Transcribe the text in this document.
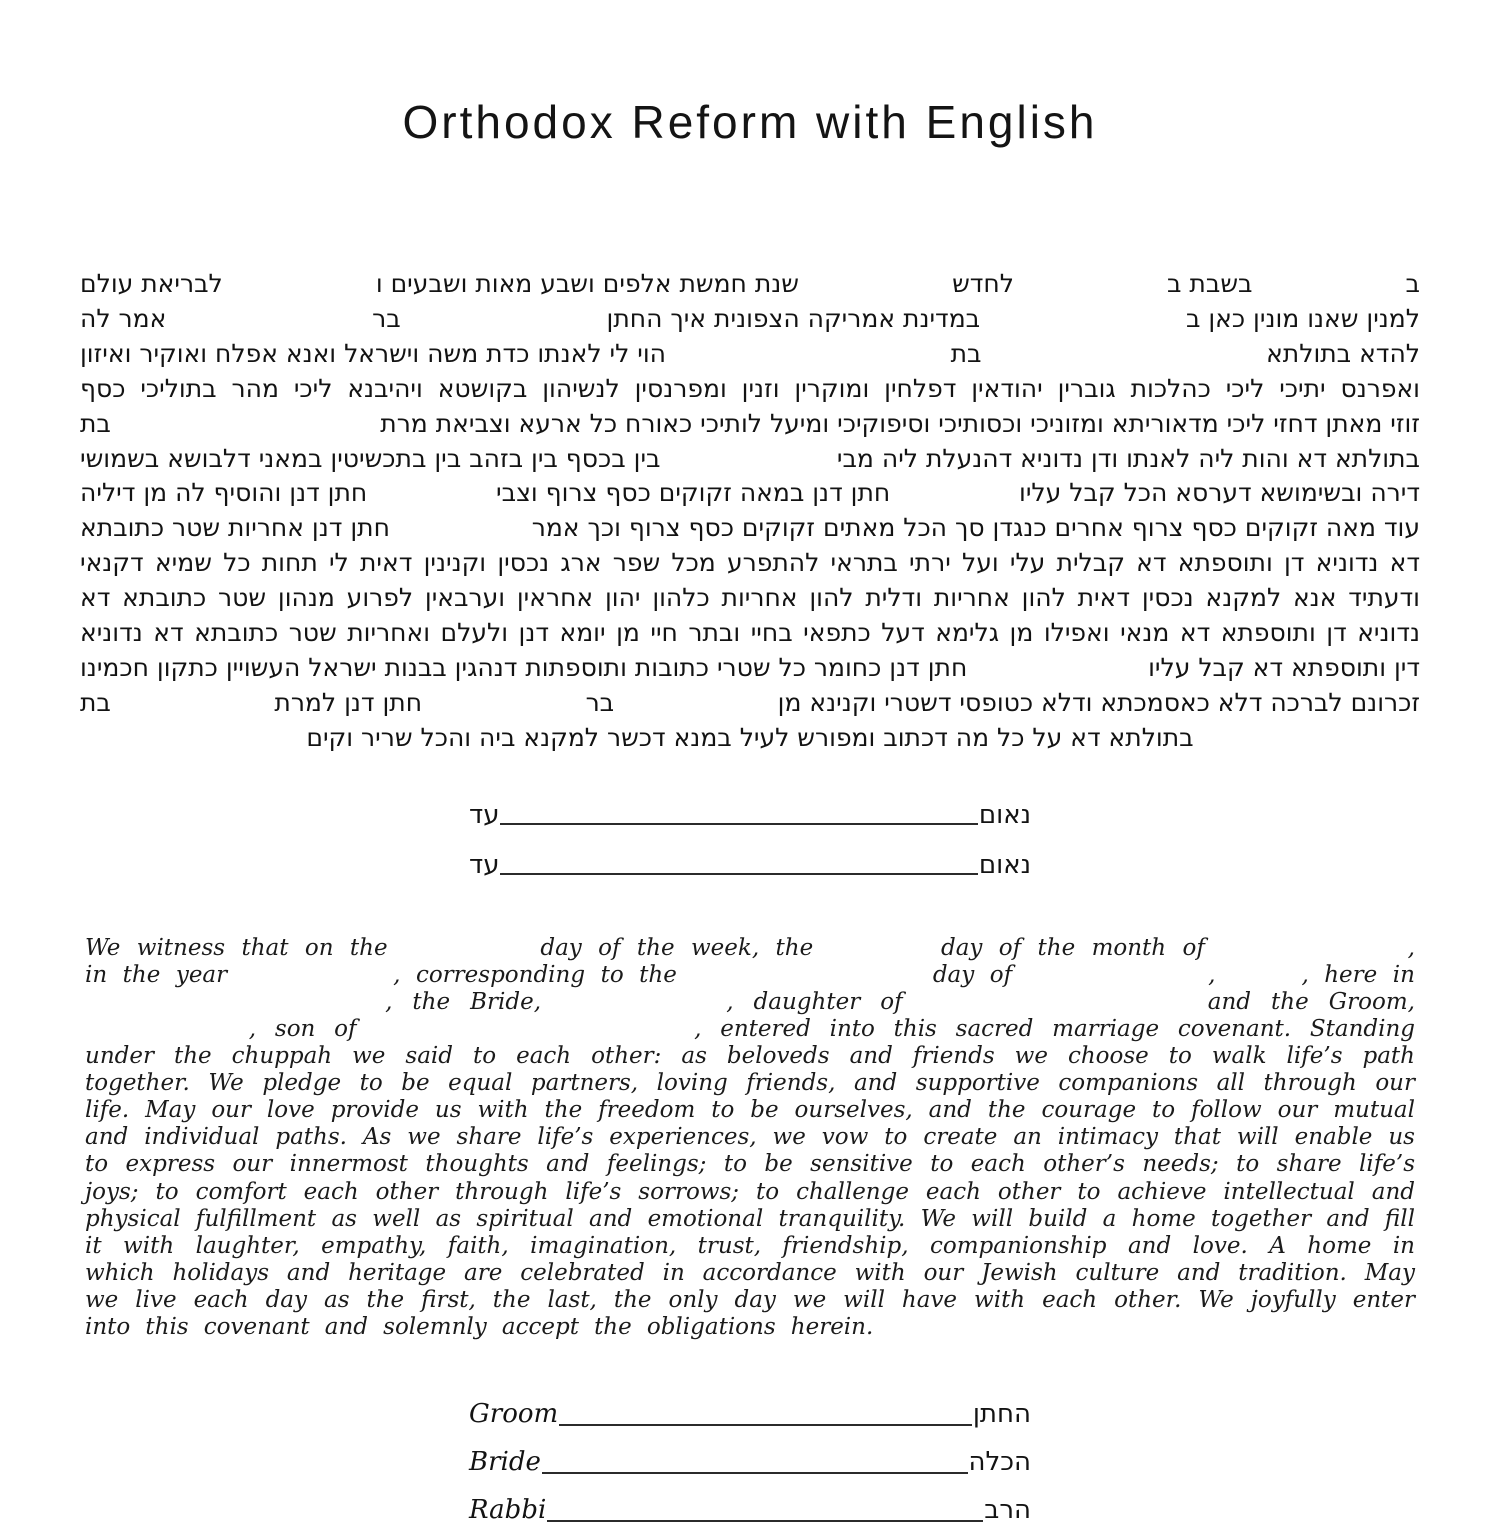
Orthodox Reform with English
ב
בשבת ב
לחדש
שנת חמשת אלפים ושבע מאות ושבעים ו
לבריאת עולם
למנין שאנו מונין כאן ב
במדינת אמריקה הצפונית איך החתן
בר
אמר לה
להדא בתולתא
בת
הוי לי לאנתו כדת משה וישראל ואנא אפלח ואוקיר ואיזון
ואפרנס יתיכי ליכי כהלכות גוברין יהודאין דפלחין ומוקרין וזנין ומפרנסין לנשיהון בקושטא ויהיבנא ליכי מהר בתוליכי כסף
זוזי מאתן דחזי ליכי מדאוריתא ומזוניכי וכסותיכי וסיפוקיכי ומיעל לותיכי כאורח כל ארעא וצביאת מרת
בת
בתולתא דא והות ליה לאנתו ודן נדוניא דהנעלת ליה מבי
בין בכסף בין בזהב בין בתכשיטין במאני דלבושא בשמושי
דירה ובשימושא דערסא הכל קבל עליו
חתן דנן במאה זקוקים כסף צרוף וצבי
חתן דנן והוסיף לה מן דיליה
עוד מאה זקוקים כסף צרוף אחרים כנגדן סך הכל מאתים זקוקים כסף צרוף וכך אמר
חתן דנן אחריות שטר כתובתא
דא נדוניא דן ותוספתא דא קבלית עלי ועל ירתי בתראי להתפרע מכל שפר ארג נכסין וקנינין דאית לי תחות כל שמיא דקנאי
ודעתיד אנא למקנא נכסין דאית להון אחריות ודלית להון אחריות כלהון יהון אחראין וערבאין לפרוע מנהון שטר כתובתא דא
נדוניא דן ותוספתא דא מנאי ואפילו מן גלימא דעל כתפאי בחיי ובתר חיי מן יומא דנן ולעלם ואחריות שטר כתובתא דא נדוניא
דין ותוספתא דא קבל עליו
חתן דנן כחומר כל שטרי כתובות ותוספתות דנהגין בבנות ישראל העשויין כתקון חכמינו
זכרונם לברכה דלא כאסמכתא ודלא כטופסי דשטרי וקנינא מן
בר
חתן דנן למרת
בת
בתולתא דא על כל מה דכתוב ומפורש לעיל במנא דכשר למקנא ביה והכל שריר וקים
נאום
עד
נאום
עד

We witness that on the	day of the week, the	day of the month of	, in the year	, corresponding to the	day of	,	, here in  , the Bride,	, daughter of	and the Groom,  , son of	, entered into this sacred marriage covenant. Standing under the chuppah we said to each other: as beloveds and friends we choose to walk life’s path together. We pledge to be equal partners, loving friends, and supportive companions all through our life. May our love provide us with the freedom to be ourselves, and the courage to follow our mutual and individual paths. As we share life’s experiences, we vow to create an intimacy that will enable us to express our innermost thoughts and feelings; to be sensitive to each other’s needs; to share life’s joys; to comfort each other through life’s sorrows; to challenge each other to achieve intellectual and physical fulfillment as well as spiritual and emotional tranquility. We will build a home together and fill it with laughter, empathy, faith, imagination, trust, friendship, companionship and love. A home in which holidays and heritage are celebrated in accordance with our Jewish culture and tradition. May we live each day as the first, the last, the only day we will have with each other. We joyfully enter into this covenant and solemnly accept the obligations herein.

Groom	החתן
Bride	הכלה
Rabbi	הרב
